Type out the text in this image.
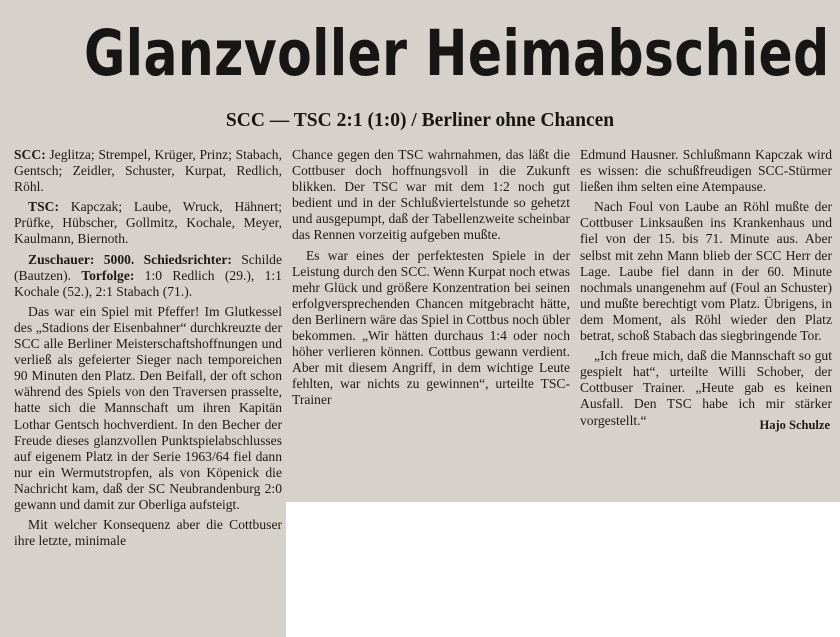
Glanzvoller Heimabschied
SCC — TSC 2:1 (1:0) / Berliner ohne Chancen

SCC: Jeglitza; Strempel, Krüger, Prinz; Stabach, Gentsch; Zeidler, Schuster, Kurpat, Redlich, Röhl.

TSC: Kapczak; Laube, Wruck, Hähnert; Prüfke, Hübscher, Gollmitz, Kochale, Meyer, Kaulmann, Biernoth.

Zuschauer: 5000. Schiedsrichter: Schilde (Bautzen). Torfolge: 1:0 Redlich (29.), 1:1 Kochale (52.), 2:1 Stabach (71.).

Das war ein Spiel mit Pfeffer! Im Glutkessel des „Stadions der Eisenbahner“ durchkreuzte der SCC alle Berliner Meisterschaftshoffnungen und verließ als gefeierter Sieger nach temporeichen 90 Minuten den Platz. Den Beifall, der oft schon während des Spiels von den Traversen prasselte, hatte sich die Mannschaft um ihren Kapitän Lothar Gentsch hochverdient. In den Becher der Freude dieses glanzvollen Punktspielabschlusses auf eigenem Platz in der Serie 1963/64 fiel dann nur ein Wermutstropfen, als von Köpenick die Nachricht kam, daß der SC Neubrandenburg 2:0 gewann und damit zur Oberliga aufsteigt.

Mit welcher Konsequenz aber die Cottbuser ihre letzte, minimale

Chance gegen den TSC wahrnahmen, das läßt die Cottbuser doch hoffnungsvoll in die Zukunft blikken. Der TSC war mit dem 1:2 noch gut bedient und in der Schlußviertelstunde so gehetzt und ausgepumpt, daß der Tabellenzweite scheinbar das Rennen vorzeitig aufgeben mußte.

Es war eines der perfektesten Spiele in der Leistung durch den SCC. Wenn Kurpat noch etwas mehr Glück und größere Konzentration bei seinen erfolgversprechenden Chancen mitgebracht hätte, den Berlinern wäre das Spiel in Cottbus noch übler bekommen. „Wir hätten durchaus 1:4 oder noch höher verlieren können. Cottbus gewann verdient. Aber mit diesem Angriff, in dem wichtige Leute fehlten, war nichts zu gewinnen“, urteilte TSC-Trainer

Edmund Hausner. Schlußmann Kapczak wird es wissen: die schußfreudigen SCC-Stürmer ließen ihm selten eine Atempause.

Nach Foul von Laube an Röhl mußte der Cottbuser Linksaußen ins Krankenhaus und fiel von der 15. bis 71. Minute aus. Aber selbst mit zehn Mann blieb der SCC Herr der Lage. Laube fiel dann in der 60. Minute nochmals unangenehm auf (Foul an Schuster) und mußte berechtigt vom Platz. Übrigens, in dem Moment, als Röhl wieder den Platz betrat, schoß Stabach das siegbringende Tor.

„Ich freue mich, daß die Mannschaft so gut gespielt hat“, urteilte Willi Schober, der Cottbuser Trainer. „Heute gab es keinen Ausfall. Den TSC habe ich mir stärker vorgestellt.“	Hajo Schulze
